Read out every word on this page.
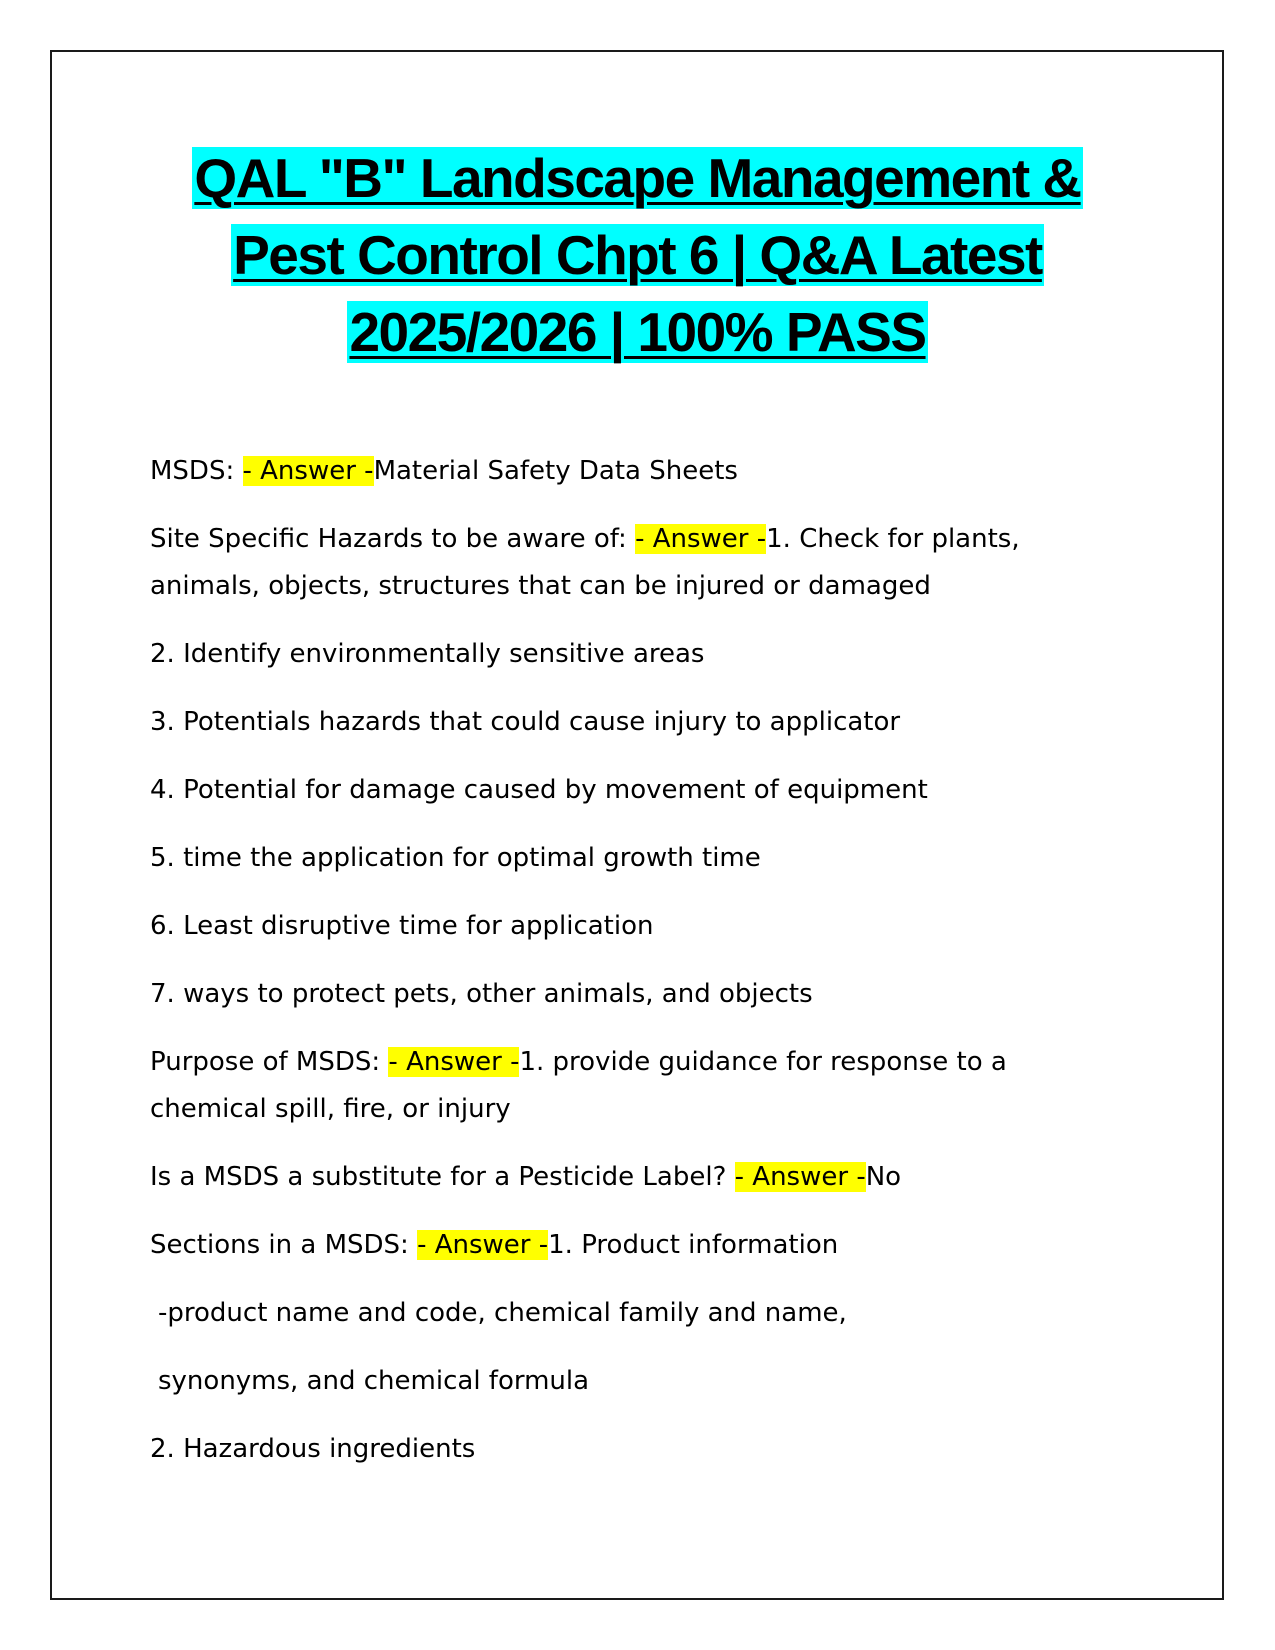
QAL "B" Landscape Management &
Pest Control Chpt 6 | Q&A Latest
2025/2026 | 100% PASS

MSDS: - Answer -Material Safety Data Sheets

Site Specific Hazards to be aware of: - Answer -1. Check for plants, animals, objects, structures that can be injured or damaged

2. Identify environmentally sensitive areas

3. Potentials hazards that could cause injury to applicator

4. Potential for damage caused by movement of equipment

5. time the application for optimal growth time

6. Least disruptive time for application

7. ways to protect pets, other animals, and objects

Purpose of MSDS: - Answer -1. provide guidance for response to a chemical spill, fire, or injury

Is a MSDS a substitute for a Pesticide Label? - Answer -No

Sections in a MSDS: - Answer -1. Product information

-product name and code, chemical family and name,

synonyms, and chemical formula

2. Hazardous ingredients
